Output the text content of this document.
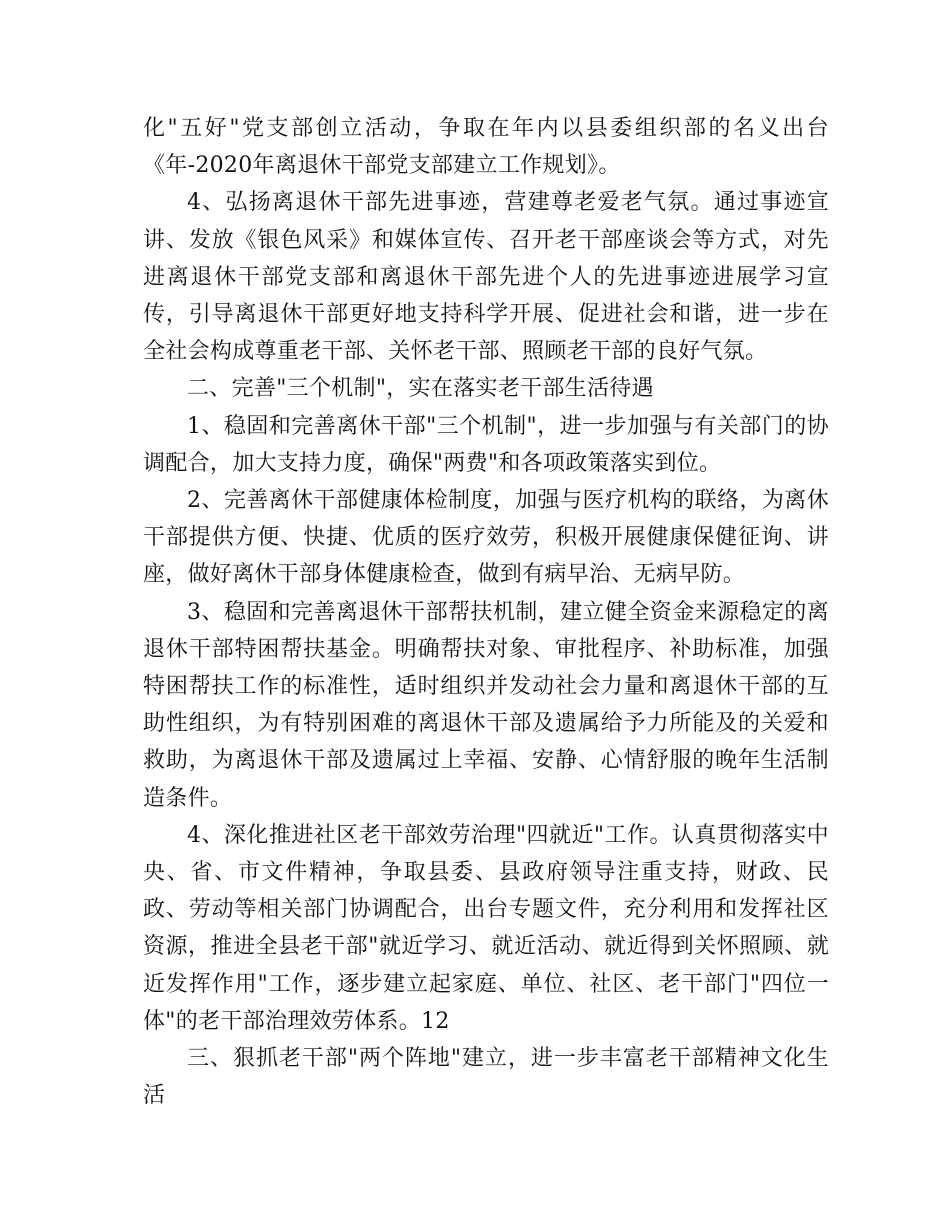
化"五好"党支部创立活动，争取在年内以县委组织部的名义出台《年-2020年离退休干部党支部建立工作规划》。

4、弘扬离退休干部先进事迹，营建尊老爱老气氛。通过事迹宣讲、发放《银色风采》和媒体宣传、召开老干部座谈会等方式，对先进离退休干部党支部和离退休干部先进个人的先进事迹进展学习宣传，引导离退休干部更好地支持科学开展、促进社会和谐，进一步在全社会构成尊重老干部、关怀老干部、照顾老干部的良好气氛。

二、完善"三个机制"，实在落实老干部生活待遇

1、稳固和完善离休干部"三个机制"，进一步加强与有关部门的协调配合，加大支持力度，确保"两费"和各项政策落实到位。

2、完善离休干部健康体检制度，加强与医疗机构的联络，为离休干部提供方便、快捷、优质的医疗效劳，积极开展健康保健征询、讲座，做好离休干部身体健康检查，做到有病早治、无病早防。

3、稳固和完善离退休干部帮扶机制，建立健全资金来源稳定的离退休干部特困帮扶基金。明确帮扶对象、审批程序、补助标准，加强特困帮扶工作的标准性，适时组织并发动社会力量和离退休干部的互助性组织，为有特别困难的离退休干部及遗属给予力所能及的关爱和救助，为离退休干部及遗属过上幸福、安静、心情舒服的晚年生活制造条件。

4、深化推进社区老干部效劳治理"四就近"工作。认真贯彻落实中央、省、市文件精神，争取县委、县政府领导注重支持，财政、民政、劳动等相关部门协调配合，出台专题文件，充分利用和发挥社区资源，推进全县老干部"就近学习、就近活动、就近得到关怀照顾、就近发挥作用"工作，逐步建立起家庭、单位、社区、老干部门"四位一体"的老干部治理效劳体系。12

三、狠抓老干部"两个阵地"建立，进一步丰富老干部精神文化生活
